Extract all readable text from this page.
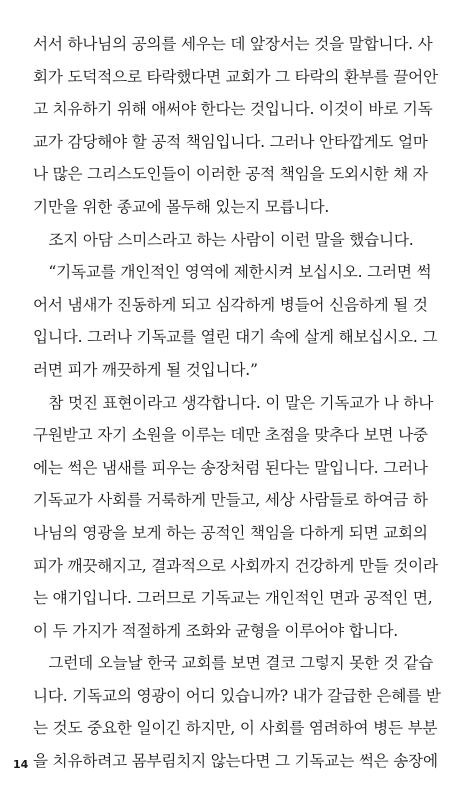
서서 하나님의 공의를 세우는 데 앞장서는 것을 말합니다. 사
회가 도덕적으로 타락했다면 교회가 그 타락의 환부를 끌어안
고 치유하기 위해 애써야 한다는 것입니다. 이것이 바로 기독
교가 감당해야 할 공적 책임입니다. 그러나 안타깝게도 얼마
나 많은 그리스도인들이 이러한 공적 책임을 도외시한 채 자
기만을 위한 종교에 몰두해 있는지 모릅니다.
　조지 아담 스미스라고 하는 사람이 이런 말을 했습니다.
　“기독교를 개인적인 영역에 제한시켜 보십시오. 그러면 썩
어서 냄새가 진동하게 되고 심각하게 병들어 신음하게 될 것
입니다. 그러나 기독교를 열린 대기 속에 살게 해보십시오. 그
러면 피가 깨끗하게 될 것입니다.”
　참 멋진 표현이라고 생각합니다. 이 말은 기독교가 나 하나
구원받고 자기 소원을 이루는 데만 초점을 맞추다 보면 나중
에는 썩은 냄새를 피우는 송장처럼 된다는 말입니다. 그러나
기독교가 사회를 거룩하게 만들고, 세상 사람들로 하여금 하
나님의 영광을 보게 하는 공적인 책임을 다하게 되면 교회의
피가 깨끗해지고, 결과적으로 사회까지 건강하게 만들 것이라
는 얘기입니다. 그러므로 기독교는 개인적인 면과 공적인 면,
이 두 가지가 적절하게 조화와 균형을 이루어야 합니다.
　그런데 오늘날 한국 교회를 보면 결코 그렇지 못한 것 같습
니다. 기독교의 영광이 어디 있습니까? 내가 갈급한 은혜를 받
는 것도 중요한 일이긴 하지만, 이 사회를 염려하여 병든 부분
을 치유하려고 몸부림치지 않는다면 그 기독교는 썩은 송장에
14
